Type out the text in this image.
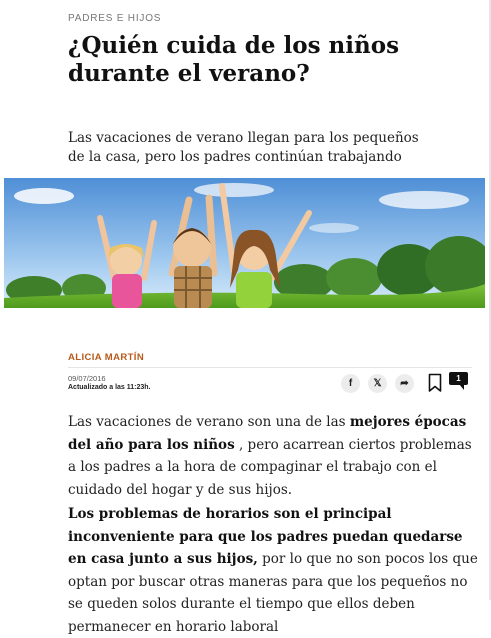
PADRES E HIJOS
¿Quién cuida de los niños durante el verano?

Las vacaciones de verano llegan para los pequeños de la casa, pero los padres continúan trabajando

ALICIA MARTÍN
09/07/2016
Actualizado a las 11:23h.	f 𝕏 ➦	1

Las vacaciones de verano son una de las mejores épocas del año para los niños , pero acarrean ciertos problemas a los padres a la hora de compaginar el trabajo con el cuidado del hogar y de sus hijos.

Los problemas de horarios son el principal inconveniente para que los padres puedan quedarse en casa junto a sus hijos, por lo que no son pocos los que optan por buscar otras maneras para que los pequeños no se queden solos durante el tiempo que ellos deben permanecer en horario laboral
